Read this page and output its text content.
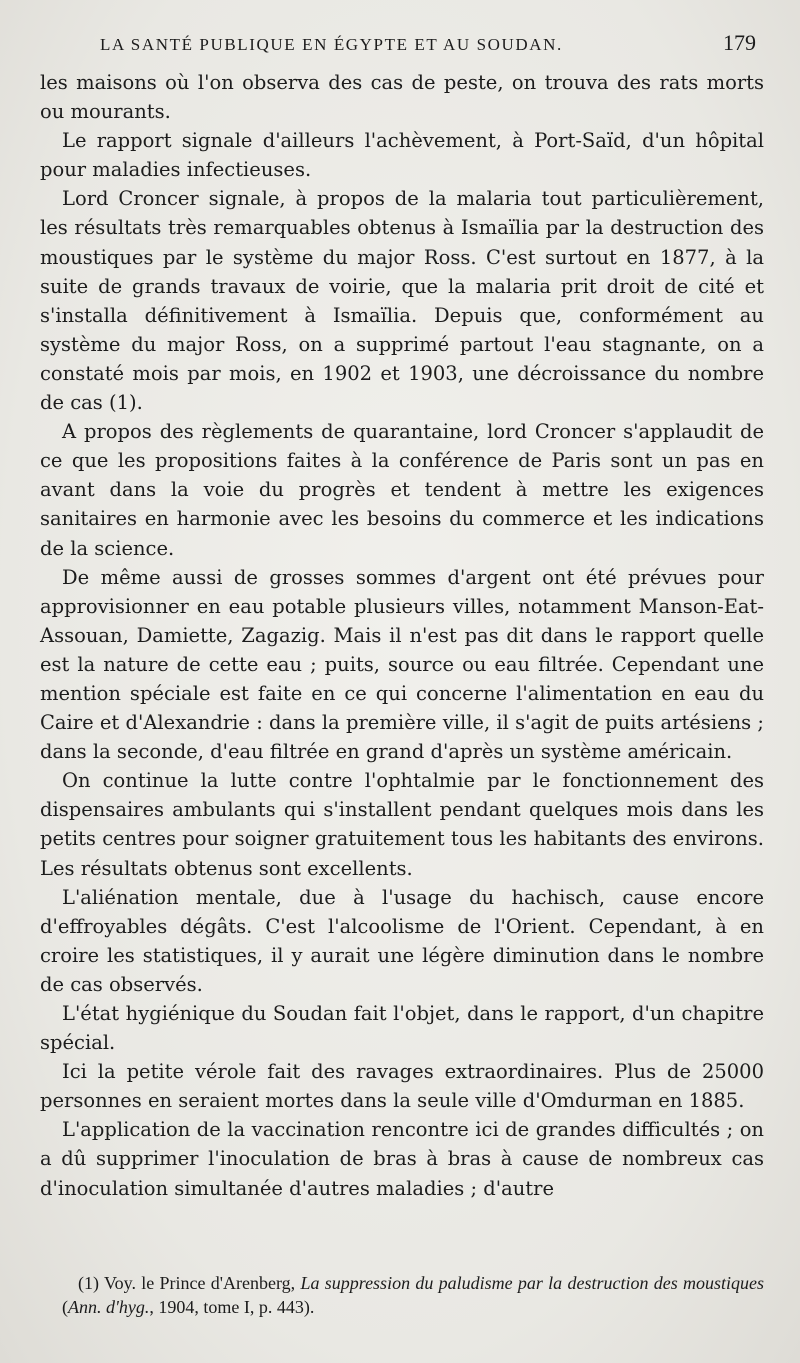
LA SANTÉ PUBLIQUE EN ÉGYPTE ET AU SOUDAN.	179

les maisons où l'on observa des cas de peste, on trouva des rats morts ou mourants.

Le rapport signale d'ailleurs l'achèvement, à Port-Saïd, d'un hôpital pour maladies infectieuses.

Lord Croncer signale, à propos de la malaria tout particulièrement, les résultats très remarquables obtenus à Ismaïlia par la destruction des moustiques par le système du major Ross. C'est surtout en 1877, à la suite de grands travaux de voirie, que la malaria prit droit de cité et s'installa définitivement à Ismaïlia. Depuis que, conformément au système du major Ross, on a supprimé partout l'eau stagnante, on a constaté mois par mois, en 1902 et 1903, une décroissance du nombre de cas (1).

A propos des règlements de quarantaine, lord Croncer s'applaudit de ce que les propositions faites à la conférence de Paris sont un pas en avant dans la voie du progrès et tendent à mettre les exigences sanitaires en harmonie avec les besoins du commerce et les indications de la science.

De même aussi de grosses sommes d'argent ont été prévues pour approvisionner en eau potable plusieurs villes, notamment Manson-Eat-Assouan, Damiette, Zagazig. Mais il n'est pas dit dans le rapport quelle est la nature de cette eau ; puits, source ou eau filtrée. Cependant une mention spéciale est faite en ce qui concerne l'alimentation en eau du Caire et d'Alexandrie : dans la première ville, il s'agit de puits artésiens ; dans la seconde, d'eau filtrée en grand d'après un système américain.

On continue la lutte contre l'ophtalmie par le fonctionnement des dispensaires ambulants qui s'installent pendant quelques mois dans les petits centres pour soigner gratuitement tous les habitants des environs. Les résultats obtenus sont excellents.

L'aliénation mentale, due à l'usage du hachisch, cause encore d'effroyables dégâts. C'est l'alcoolisme de l'Orient. Cependant, à en croire les statistiques, il y aurait une légère diminution dans le nombre de cas observés.

L'état hygiénique du Soudan fait l'objet, dans le rapport, d'un chapitre spécial.

Ici la petite vérole fait des ravages extraordinaires. Plus de 25000 personnes en seraient mortes dans la seule ville d'Omdurman en 1885.

L'application de la vaccination rencontre ici de grandes difficultés ; on a dû supprimer l'inoculation de bras à bras à cause de nombreux cas d'inoculation simultanée d'autres maladies ; d'autre

(1) Voy. le Prince d'Arenberg, La suppression du paludisme par la destruction des moustiques (Ann. d'hyg., 1904, tome I, p. 443).
